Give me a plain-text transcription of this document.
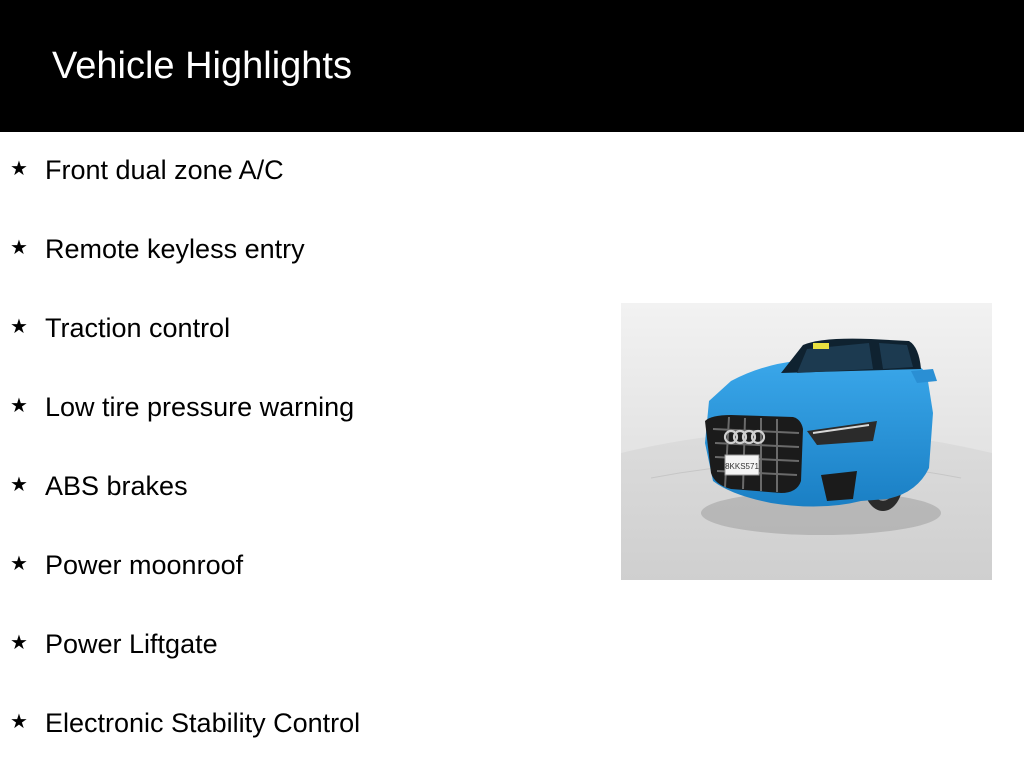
Vehicle Highlights
★ Front dual zone A/C
★ Remote keyless entry
★ Traction control
★ Low tire pressure warning
★ ABS brakes
★ Power moonroof
★ Power Liftgate
★ Electronic Stability Control
8KKS571
